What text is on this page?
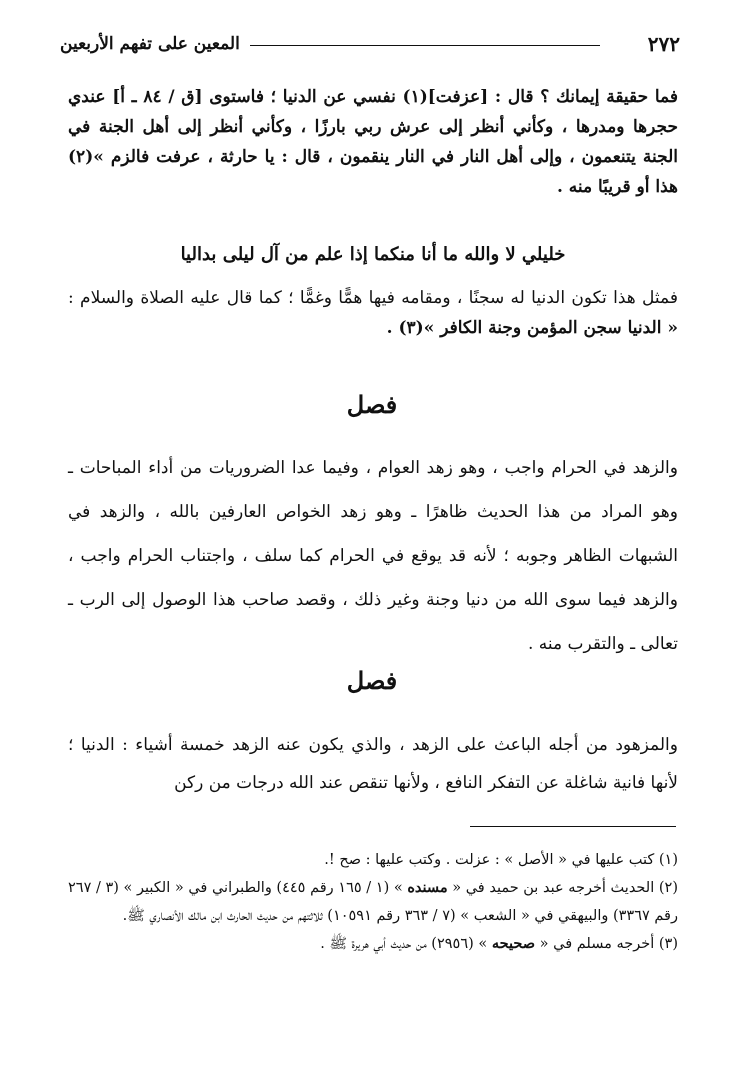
٢٧٢
المعين على تفهم الأربعين
فما حقيقة إيمانك ؟ قال : [عزفت](١) نفسي عن الدنيا ؛ فاستوى [ق / ٨٤ ـ أ] عندي حجرها ومدرها ، وكأني أنظر إلى عرش ربي بارزًا ، وكأني أنظر إلى أهل الجنة في الجنة يتنعمون ، وإلى أهل النار في النار ينقمون ، قال : يا حارثة ، عرفت فالزم »(٢) هذا أو قريبًا منه .
خليلي لا والله ما أنا منكما إذا علم من آل ليلى بداليا
فمثل هذا تكون الدنيا له سجنًا ، ومقامه فيها همًّا وغمًّا ؛ كما قال عليه الصلاة والسلام : « الدنيا سجن المؤمن وجنة الكافر »(٣) .
فصل
والزهد في الحرام واجب ، وهو زهد العوام ، وفيما عدا الضروريات من أداء المباحات ـ وهو المراد من هذا الحديث ظاهرًا ـ وهو زهد الخواص العارفين بالله ، والزهد في الشبهات الظاهر وجوبه ؛ لأنه قد يوقع في الحرام كما سلف ، واجتناب الحرام واجب ، والزهد فيما سوى الله من دنيا وجنة وغير ذلك ، وقصد صاحب هذا الوصول إلى الرب ـ تعالى ـ والتقرب منه .
فصل
والمزهود من أجله الباعث على الزهد ، والذي يكون عنه الزهد خمسة أشياء : الدنيا ؛ لأنها فانية شاغلة عن التفكر النافع ، ولأنها تنقص عند الله درجات من ركن

(١) كتب عليها في « الأصل » : عزلت . وكتب عليها : صح !.

(٢) الحديث أخرجه عبد بن حميد في « مسنده » (١ / ١٦٥ رقم ٤٤٥) والطبراني في « الكبير » (٣ / ٢٦٧ رقم ٣٣٦٧) والبيهقي في « الشعب » (٧ / ٣٦٣ رقم ١٠٥٩١) ثلاثتهم من حديث الحارث ابن مالك الأنصاري ﷺ.

(٣) أخرجه مسلم في « صحيحه » (٢٩٥٦) من حديث أبي هريرة ﷺ .
